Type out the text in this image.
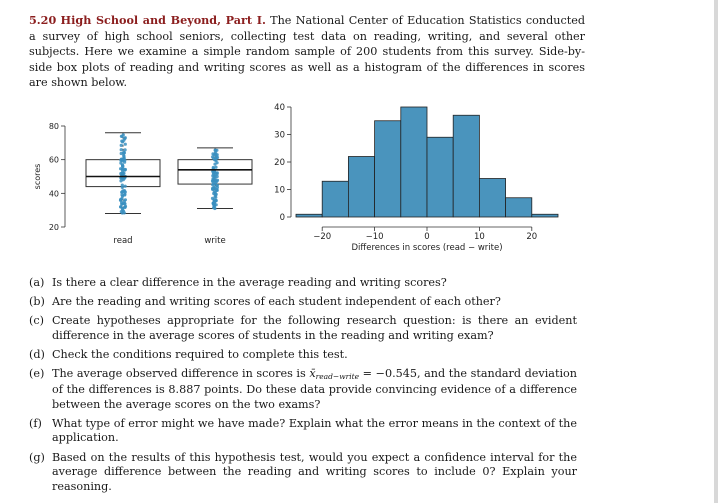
5.20 High School and Beyond, Part I. The National Center of Education Statistics conducted a survey of high school seniors, collecting test data on reading, writing, and several other subjects. Here we examine a simple random sample of 200 students from this survey. Side-by-side box plots of reading and writing scores as well as a histogram of the differences in scores are shown below.
20
40
60
80
scores
read	write
0
10
20
30
40
−20	−10	0	10	20
Differences in scores (read − write)
(a) Is there a clear difference in the average reading and writing scores?
(b) Are the reading and writing scores of each student independent of each other?
(c) Create hypotheses appropriate for the following research question: is there an evident difference in the average scores of students in the reading and writing exam?
(d) Check the conditions required to complete this test.
(e) The average observed difference in scores is x̄read−write = −0.545, and the standard deviation of the differences is 8.887 points. Do these data provide convincing evidence of a difference between the average scores on the two exams?
(f) What type of error might we have made? Explain what the error means in the context of the application.
(g) Based on the results of this hypothesis test, would you expect a confidence interval for the average difference between the reading and writing scores to include 0? Explain your reasoning.
